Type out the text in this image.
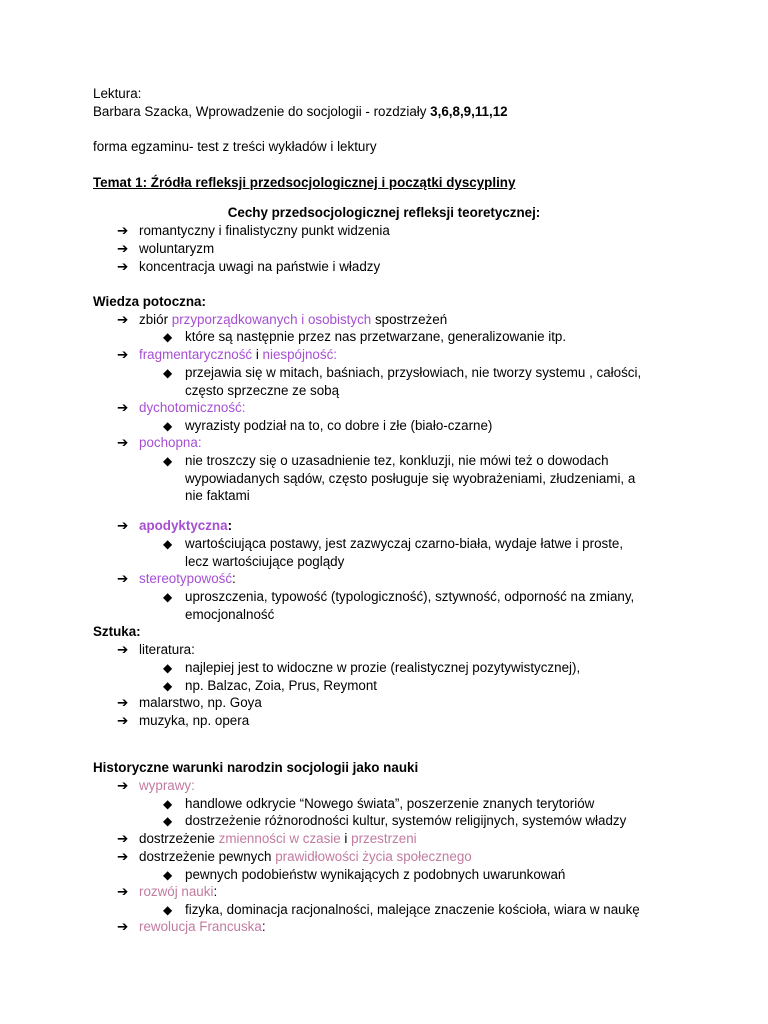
Lektura:
Barbara Szacka, Wprowadzenie do socjologii - rozdziały 3,6,8,9,11,12
forma egzaminu- test z treści wykładów i lektury
Temat 1: Źródła refleksji przedsocjologicznej i początki dyscypliny
Cechy przedsocjologicznej refleksji teoretycznej:
➔ romantyczny i finalistyczny punkt widzenia
➔ woluntaryzm
➔ koncentracja uwagi na państwie i władzy
Wiedza potoczna:
➔ zbiór przyporządkowanych i osobistych spostrzeżeń
◆ które są następnie przez nas przetwarzane, generalizowanie itp.
➔ fragmentaryczność i niespójność:
◆ przejawia się w mitach, baśniach, przysłowiach, nie tworzy systemu , całości,
często sprzeczne ze sobą
➔ dychotomiczność:
◆ wyrazisty podział na to, co dobre i złe (biało-czarne)
➔ pochopna:
◆ nie troszczy się o uzasadnienie tez, konkluzji, nie mówi też o dowodach
wypowiadanych sądów, często posługuje się wyobrażeniami, złudzeniami, a
nie faktami
➔ apodyktyczna:
◆ wartościująca postawy, jest zazwyczaj czarno-biała, wydaje łatwe i proste,
lecz wartościujące poglądy
➔ stereotypowość:
◆ uproszczenia, typowość (typologiczność), sztywność, odporność na zmiany,
emocjonalność
Sztuka:
➔ literatura:
◆ najlepiej jest to widoczne w prozie (realistycznej pozytywistycznej),
◆ np. Balzac, Zoia, Prus, Reymont
➔ malarstwo, np. Goya
➔ muzyka, np. opera
Historyczne warunki narodzin socjologii jako nauki
➔ wyprawy:
◆ handlowe odkrycie “Nowego świata”, poszerzenie znanych terytoriów
◆ dostrzeżenie różnorodności kultur, systemów religijnych, systemów władzy
➔ dostrzeżenie zmienności w czasie i przestrzeni
➔ dostrzeżenie pewnych prawidłowości życia społecznego
◆ pewnych podobieństw wynikających z podobnych uwarunkowań
➔ rozwój nauki:
◆ fizyka, dominacja racjonalności, malejące znaczenie kościoła, wiara w naukę
➔ rewolucja Francuska:
